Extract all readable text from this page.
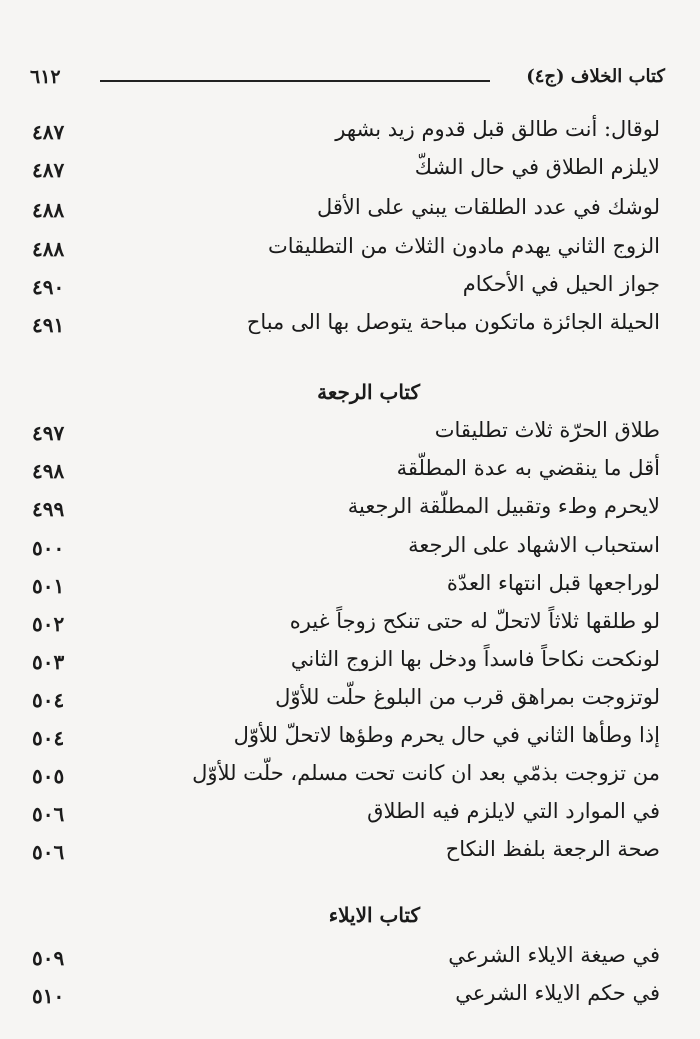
٦١٢	كتاب الخلاف (ج٤)
٤٨٧	لوقال: أنت طالق قبل قدوم زيد بشهر
٤٨٧	لايلزم الطلاق في حال الشكّ
٤٨٨	لوشك في عدد الطلقات يبني على الأقل
٤٨٨	الزوج الثاني يهدم مادون الثلاث من التطليقات
٤٩٠	جواز الحيل في الأحكام
٤٩١	الحيلة الجائزة ماتكون مباحة يتوصل بها الى مباح
كتاب الرجعة
٤٩٧	طلاق الحرّة ثلاث تطليقات
٤٩٨	أقل ما ينقضي به عدة المطلّقة
٤٩٩	لايحرم وطء وتقبيل المطلّقة الرجعية
٥٠٠	استحباب الاشهاد على الرجعة
٥٠١	لوراجعها قبل انتهاء العدّة
٥٠٢	لو طلقها ثلاثاً لاتحلّ له حتى تنكح زوجاً غيره
٥٠٣	لونكحت نكاحاً فاسداً ودخل بها الزوج الثاني
٥٠٤	لوتزوجت بمراهق قرب من البلوغ حلّت للأوّل
٥٠٤	إذا وطأها الثاني في حال يحرم وطؤها لاتحلّ للأوّل
٥٠٥	من تزوجت بذمّي بعد ان كانت تحت مسلم، حلّت للأوّل
٥٠٦	في الموارد التي لايلزم فيه الطلاق
٥٠٦	صحة الرجعة بلفظ النكاح
كتاب الايلاء
٥٠٩	في صيغة الايلاء الشرعي
٥١٠	في حكم الايلاء الشرعي
